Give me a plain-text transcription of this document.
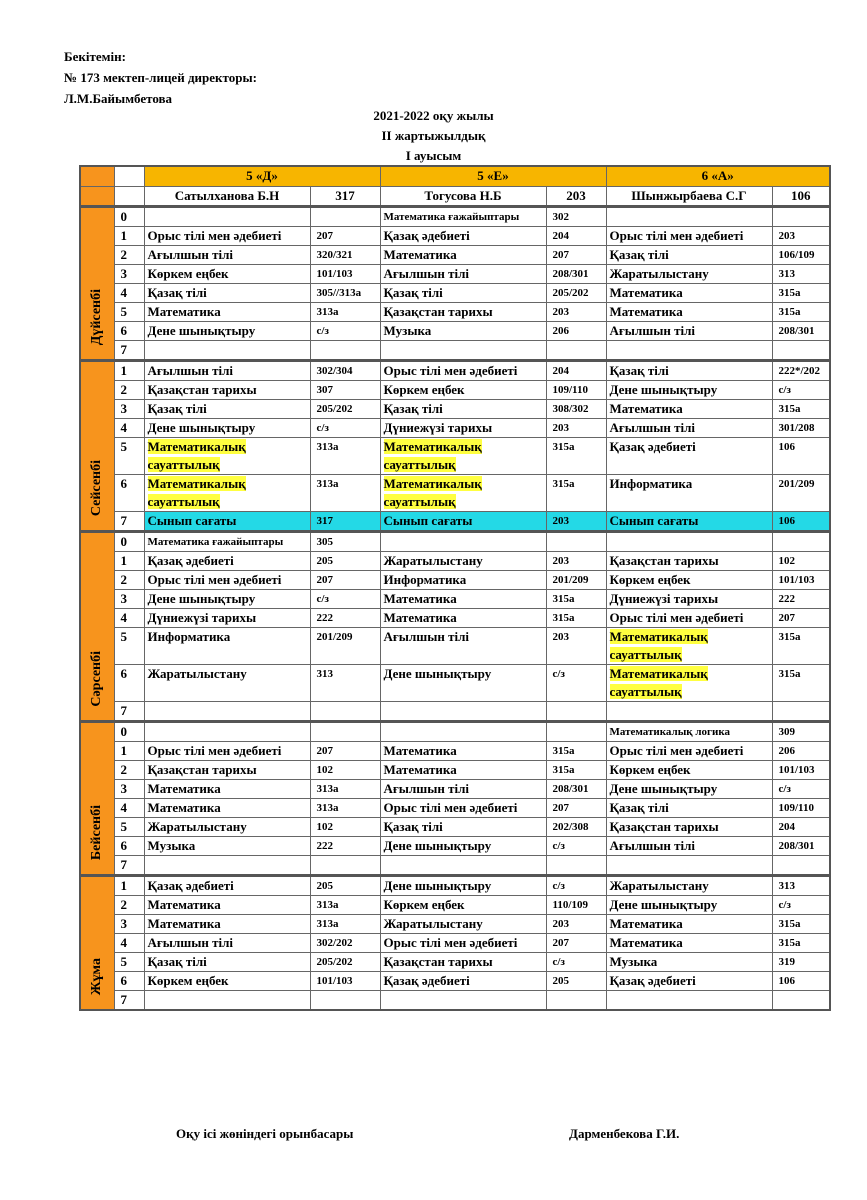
Бекітемін:
№ 173 мектеп-лицей директоры:
Л.М.Байымбетова
2021-2022 оқу жылы
ІІ жартыжылдық
І ауысым
		5 «Д»		5 «Е»		6 «А»	
		Сатылханова Б.Н	317	Тогусова Н.Б	203	Шынжырбаева С.Г	106
Дүйсенбі	0			Математика ғажайыптары	302		
	1	Орыс тілі мен әдебиеті	207	Қазақ әдебиеті	204	Орыс тілі мен әдебиеті	203
	2	Ағылшын тілі	320/321	Математика	207	Қазақ тілі	106/109
	3	Көркем еңбек	101/103	Ағылшын тілі	208/301	Жаратылыстану	313
	4	Қазақ тілі	305//313а	Қазақ тілі	205/202	Математика	315а
	5	Математика	313а	Қазақстан тарихы	203	Математика	315а
	6	Дене шынықтыру	с/з	Музыка	206	Ағылшын тілі	208/301
	7						
Сейсенбі	1	Ағылшын тілі	302/304	Орыс тілі мен әдебиеті	204	Қазақ тілі	222*/202
	2	Қазақстан тарихы	307	Көркем еңбек	109/110	Дене шынықтыру	с/з
	3	Қазақ тілі	205/202	Қазақ тілі	308/302	Математика	315а
	4	Дене шынықтыру	с/з	Дүниежүзі тарихы	203	Ағылшын тілі	301/208
	5	Математикалық сауаттылық	313а	Математикалық сауаттылық	315а	Қазақ әдебиеті	106
	6	Математикалық сауаттылық	313а	Математикалық сауаттылық	315а	Информатика	201/209
	7	Сынып сағаты	317	Сынып сағаты	203	Сынып сағаты	106
Сәрсенбі	0	Математика ғажайыптары	305				
	1	Қазақ әдебиеті	205	Жаратылыстану	203	Қазақстан тарихы	102
	2	Орыс тілі мен әдебиеті	207	Информатика	201/209	Көркем еңбек	101/103
	3	Дене шынықтыру	с/з	Математика	315а	Дүниежүзі тарихы	222
	4	Дүниежүзі тарихы	222	Математика	315а	Орыс тілі мен әдебиеті	207
	5	Информатика	201/209	Ағылшын тілі	203	Математикалық сауаттылық	315а
	6	Жаратылыстану	313	Дене шынықтыру	с/з	Математикалық сауаттылық	315а
	7						
Бейсенбі	0					Математикалық логика	309
	1	Орыс тілі мен әдебиеті	207	Математика	315а	Орыс тілі мен әдебиеті	206
	2	Қазақстан тарихы	102	Математика	315а	Көркем еңбек	101/103
	3	Математика	313а	Ағылшын тілі	208/301	Дене шынықтыру	с/з
	4	Математика	313а	Орыс тілі мен әдебиеті	207	Қазақ тілі	109/110
	5	Жаратылыстану	102	Қазақ тілі	202/308	Қазақстан тарихы	204
	6	Музыка	222	Дене шынықтыру	с/з	Ағылшын тілі	208/301
	7						
Жұма	1	Қазақ әдебиеті	205	Дене шынықтыру	с/з	Жаратылыстану	313
	2	Математика	313а	Көркем еңбек	110/109	Дене шынықтыру	с/з
	3	Математика	313а	Жаратылыстану	203	Математика	315а
	4	Ағылшын тілі	302/202	Орыс тілі мен әдебиеті	207	Математика	315а
	5	Қазақ тілі	205/202	Қазақстан тарихы	с/з	Музыка	319
	6	Көркем еңбек	101/103	Қазақ әдебиеті	205	Қазақ әдебиеті	106
	7						
Оқу ісі жөніндегі орынбасары	Дарменбекова Г.И.
